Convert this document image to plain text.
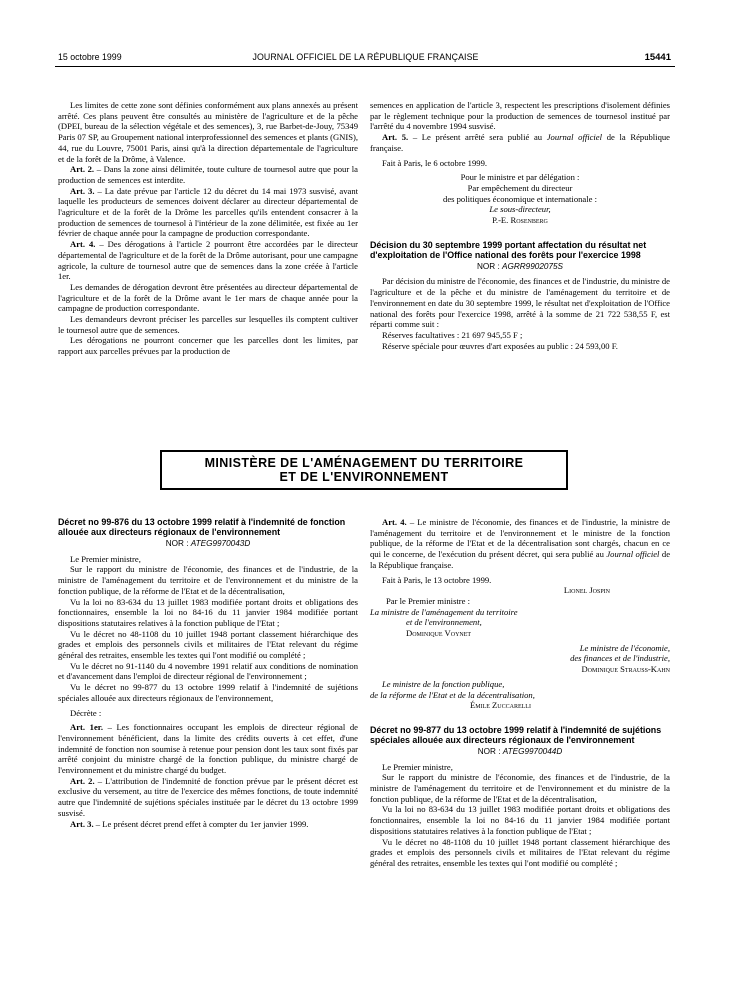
15 octobre 1999	JOURNAL OFFICIEL DE LA RÉPUBLIQUE FRANÇAISE	15441

Les limites de cette zone sont définies conformément aux plans annexés au présent arrêté. Ces plans peuvent être consultés au ministère de l'agriculture et de la pêche (DPEI, bureau de la sélection végétale et des semences), 3, rue Barbet-de-Jouy, 75349 Paris 07 SP, au Groupement national interprofessionnel des semences et plants (GNIS), 44, rue du Louvre, 75001 Paris, ainsi qu'à la direction départementale de l'agriculture et de la forêt de la Drôme, à Valence.

Art. 2. – Dans la zone ainsi délimitée, toute culture de tournesol autre que pour la production de semences est interdite.

Art. 3. – La date prévue par l'article 12 du décret du 14 mai 1973 susvisé, avant laquelle les producteurs de semences doivent déclarer au directeur départemental de l'agriculture et de la forêt de la Drôme les parcelles qu'ils entendent consacrer à la production de semences de tournesol à l'intérieur de la zone délimitée, est fixée au 1er février de chaque année pour la campagne de production correspondante.

Art. 4. – Des dérogations à l'article 2 pourront être accordées par le directeur départemental de l'agriculture et de la forêt de la Drôme autorisant, pour une campagne agricole, la culture de tournesol autre que de semences dans la zone créée à l'article 1er.

Les demandes de dérogation devront être présentées au directeur départemental de l'agriculture et de la forêt de la Drôme avant le 1er mars de chaque année pour la campagne de production correspondante.

Les demandeurs devront préciser les parcelles sur lesquelles ils comptent cultiver le tournesol autre que de semences.

Les dérogations ne pourront concerner que les parcelles dont les limites, par rapport aux parcelles prévues par la production de

semences en application de l'article 3, respectent les prescriptions d'isolement définies par le règlement technique pour la production de semences de tournesol institué par l'arrêté du 4 novembre 1994 susvisé.

Art. 5. – Le présent arrêté sera publié au Journal officiel de la République française.

Fait à Paris, le 6 octobre 1999.

Pour le ministre et par délégation :

Par empêchement du directeur

des politiques économique et internationale :

Le sous-directeur,

P.-E. Rosenberg

Décision du 30 septembre 1999 portant affectation du résultat net d'exploitation de l'Office national des forêts pour l'exercice 1998

NOR : AGRR9902075S

Par décision du ministre de l'économie, des finances et de l'industrie, du ministre de l'agriculture et de la pêche et du ministre de l'aménagement du territoire et de l'environnement en date du 30 septembre 1999, le résultat net d'exploitation de l'Office national des forêts pour l'exercice 1998, arrêté à la somme de 21 722 538,55 F, est réparti comme suit :

Réserves facultatives : 21 697 945,55 F ;

Réserve spéciale pour œuvres d'art exposées au public : 24 593,00 F.

MINISTÈRE DE L'AMÉNAGEMENT DU TERRITOIRE
ET DE L'ENVIRONNEMENT

Décret no 99-876 du 13 octobre 1999 relatif à l'indemnité de fonction allouée aux directeurs régionaux de l'environnement

NOR : ATEG9970043D

Le Premier ministre,

Sur le rapport du ministre de l'économie, des finances et de l'industrie, de la ministre de l'aménagement du territoire et de l'environnement et du ministre de la fonction publique, de la réforme de l'Etat et de la décentralisation,

Vu la loi no 83-634 du 13 juillet 1983 modifiée portant droits et obligations des fonctionnaires, ensemble la loi no 84-16 du 11 janvier 1984 modifiée portant dispositions statutaires relatives à la fonction publique de l'Etat ;

Vu le décret no 48-1108 du 10 juillet 1948 portant classement hiérarchique des grades et emplois des personnels civils et militaires de l'Etat relevant du régime général des retraites, ensemble les textes qui l'ont modifié ou complété ;

Vu le décret no 91-1140 du 4 novembre 1991 relatif aux conditions de nomination et d'avancement dans l'emploi de directeur régional de l'environnement ;

Vu le décret no 99-877 du 13 octobre 1999 relatif à l'indemnité de sujétions spéciales allouée aux directeurs régionaux de l'environnement,

Décrète :

Art. 1er. – Les fonctionnaires occupant les emplois de directeur régional de l'environnement bénéficient, dans la limite des crédits ouverts à cet effet, d'une indemnité de fonction non soumise à retenue pour pension dont les taux sont fixés par arrêté conjoint du ministre chargé de la fonction publique, du ministre chargé de l'environnement et du ministre chargé du budget.

Art. 2. – L'attribution de l'indemnité de fonction prévue par le présent décret est exclusive du versement, au titre de l'exercice des mêmes fonctions, de toute indemnité autre que l'indemnité de sujétions spéciales instituée par le décret du 13 octobre 1999 susvisé.

Art. 3. – Le présent décret prend effet à compter du 1er janvier 1999.

Art. 4. – Le ministre de l'économie, des finances et de l'industrie, la ministre de l'aménagement du territoire et de l'environnement et le ministre de la fonction publique, de la réforme de l'Etat et de la décentralisation sont chargés, chacun en ce qui le concerne, de l'exécution du présent décret, qui sera publié au Journal officiel de la République française.

Fait à Paris, le 13 octobre 1999.

Lionel Jospin

Par le Premier ministre :

La ministre de l'aménagement du territoire

et de l'environnement,

Dominique Voynet

Le ministre de l'économie,

des finances et de l'industrie,

Dominique Strauss-Kahn

Le ministre de la fonction publique,

de la réforme de l'Etat et de la décentralisation,

Émile Zuccarelli

Décret no 99-877 du 13 octobre 1999 relatif à l'indemnité de sujétions spéciales allouée aux directeurs régionaux de l'environnement

NOR : ATEG9970044D

Le Premier ministre,

Sur le rapport du ministre de l'économie, des finances et de l'industrie, de la ministre de l'aménagement du territoire et de l'environnement et du ministre de la fonction publique, de la réforme de l'Etat et de la décentralisation,

Vu la loi no 83-634 du 13 juillet 1983 modifiée portant droits et obligations des fonctionnaires, ensemble la loi no 84-16 du 11 janvier 1984 modifiée portant dispositions statutaires relatives à la fonction publique de l'Etat ;

Vu le décret no 48-1108 du 10 juillet 1948 portant classement hiérarchique des grades et emplois des personnels civils et militaires de l'Etat relevant du régime général des retraites, ensemble les textes qui l'ont modifié ou complété ;
